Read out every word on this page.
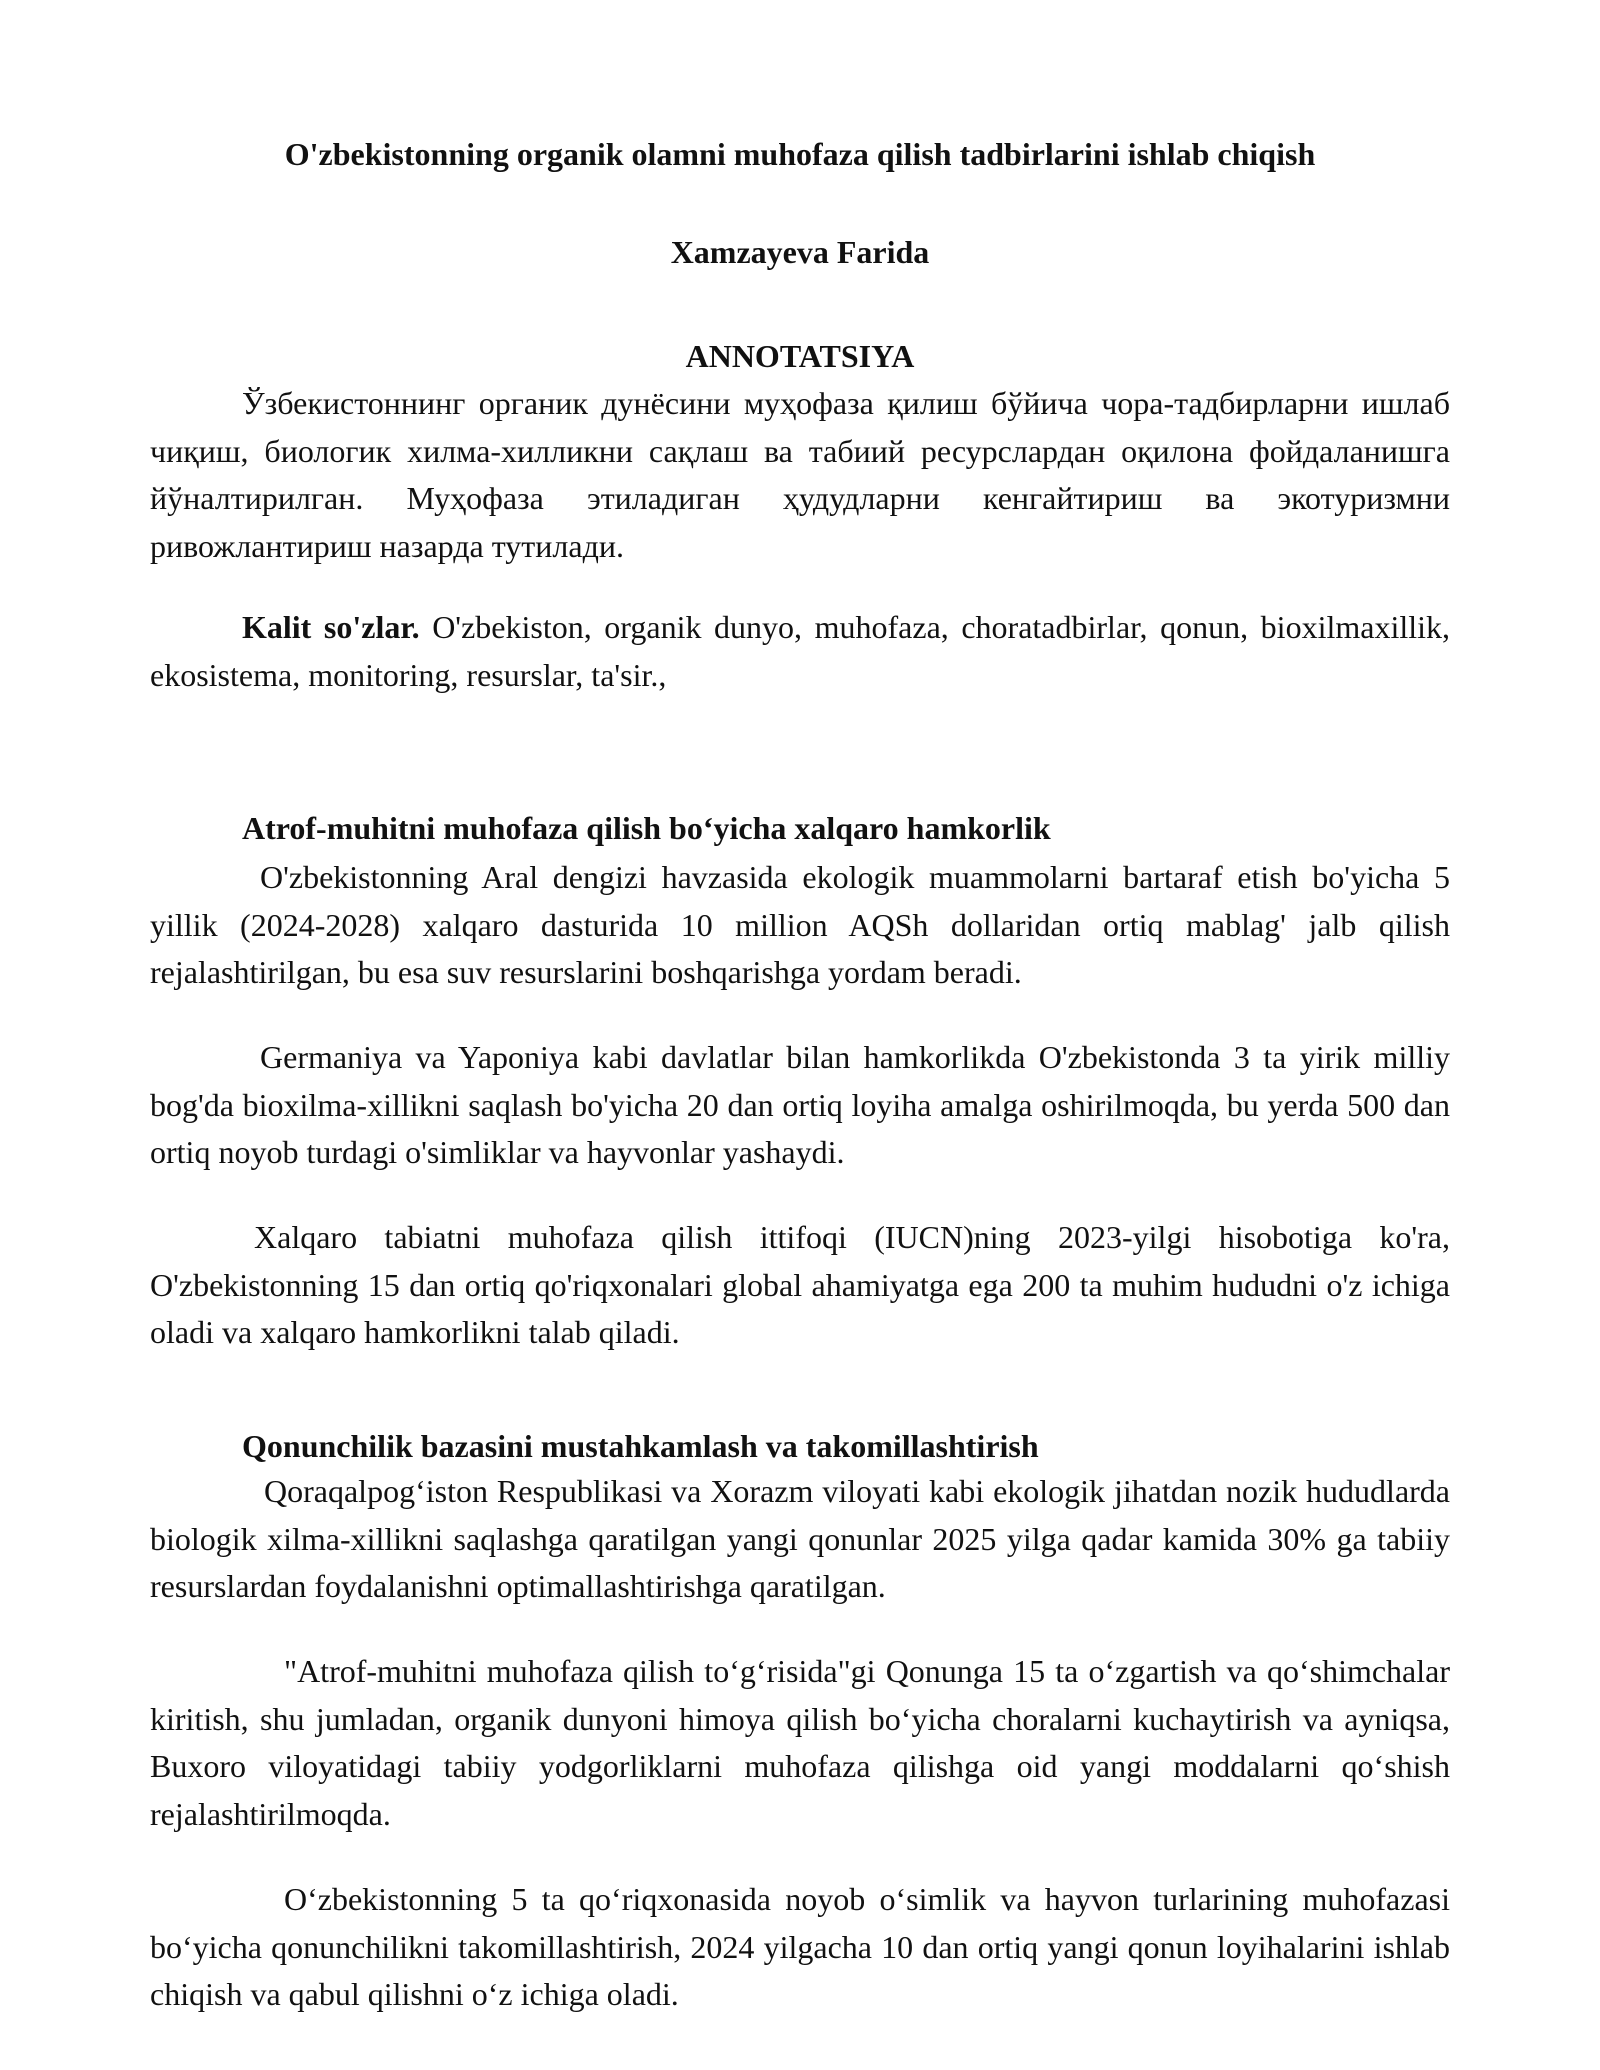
O'zbekistonning organik olamni muhofaza qilish tadbirlarini ishlab chiqish
Xamzayeva Farida
ANNOTATSIYA

Ўзбекистоннинг органик дунёсини муҳофаза қилиш бўйича чора-тадбирларни ишлаб чиқиш, биологик хилма-хилликни сақлаш ва табиий ресурслардан оқилона фойдаланишга йўналтирилган. Муҳофаза этиладиган ҳудудларни кенгайтириш ва экотуризмни ривожлантириш назарда тутилади.

Kalit so'zlar. O'zbekiston, organik dunyo, muhofaza, choratadbirlar, qonun, bioxilmaxillik, ekosistema, monitoring, resurslar, ta'sir.,

Atrof-muhitni muhofaza qilish bo‘yicha xalqaro hamkorlik

O'zbekistonning Aral dengizi havzasida ekologik muammolarni bartaraf etish bo'yicha 5 yillik (2024-2028) xalqaro dasturida 10 million AQSh dollaridan ortiq mablag' jalb qilish rejalashtirilgan, bu esa suv resurslarini boshqarishga yordam beradi.

Germaniya va Yaponiya kabi davlatlar bilan hamkorlikda O'zbekistonda 3 ta yirik milliy bog'da bioxilma-xillikni saqlash bo'yicha 20 dan ortiq loyiha amalga oshirilmoqda, bu yerda 500 dan ortiq noyob turdagi o'simliklar va hayvonlar yashaydi.

Xalqaro tabiatni muhofaza qilish ittifoqi (IUCN)ning 2023-yilgi hisobotiga ko'ra, O'zbekistonning 15 dan ortiq qo'riqxonalari global ahamiyatga ega 200 ta muhim hududni o'z ichiga oladi va xalqaro hamkorlikni talab qiladi.

Qonunchilik bazasini mustahkamlash va takomillashtirish

Qoraqalpog‘iston Respublikasi va Xorazm viloyati kabi ekologik jihatdan nozik hududlarda biologik xilma-xillikni saqlashga qaratilgan yangi qonunlar 2025 yilga qadar kamida 30% ga tabiiy resurslardan foydalanishni optimallashtirishga qaratilgan.

"Atrof-muhitni muhofaza qilish to‘g‘risida"gi Qonunga 15 ta o‘zgartish va qo‘shimchalar kiritish, shu jumladan, organik dunyoni himoya qilish bo‘yicha choralarni kuchaytirish va ayniqsa, Buxoro viloyatidagi tabiiy yodgorliklarni muhofaza qilishga oid yangi moddalarni qo‘shish rejalashtirilmoqda.

O‘zbekistonning 5 ta qo‘riqxonasida noyob o‘simlik va hayvon turlarining muhofazasi bo‘yicha qonunchilikni takomillashtirish, 2024 yilgacha 10 dan ortiq yangi qonun loyihalarini ishlab chiqish va qabul qilishni o‘z ichiga oladi.
